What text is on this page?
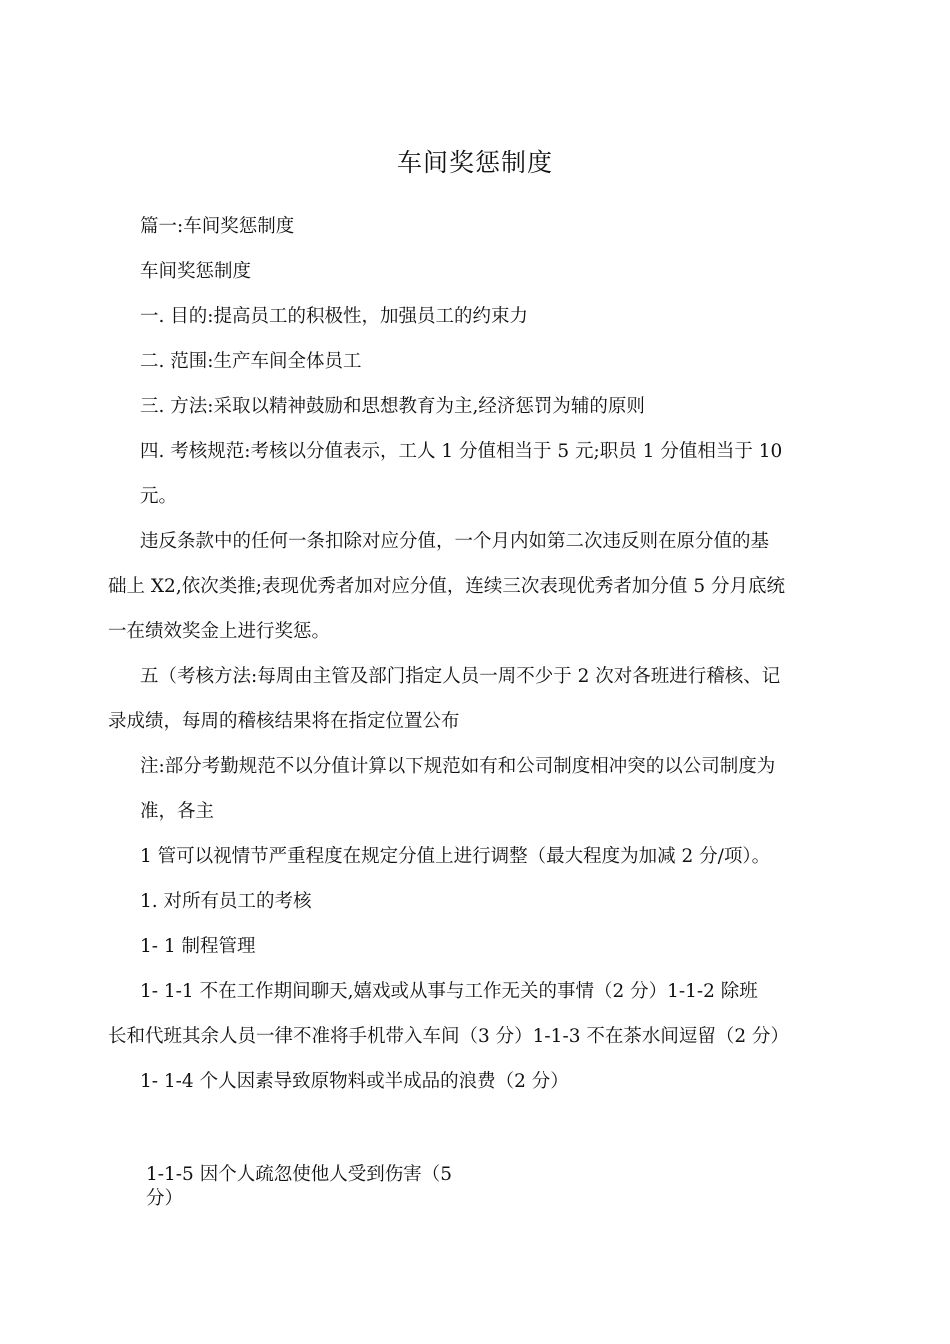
车间奖惩制度
篇一:车间奖惩制度
车间奖惩制度
一. 目的:提高员工的积极性，加强员工的约束力
二. 范围:生产车间全体员工
三. 方法:采取以精神鼓励和思想教育为主,经济惩罚为辅的原则
四. 考核规范:考核以分值表示，工人 1 分值相当于 5 元;职员 1 分值相当于 10
元。
违反条款中的任何一条扣除对应分值，一个月内如第二次违反则在原分值的基
础上 X2,依次类推;表现优秀者加对应分值，连续三次表现优秀者加分值 5 分月底统
一在绩效奖金上进行奖惩。
五（考核方法:每周由主管及部门指定人员一周不少于 2 次对各班进行稽核、记
录成绩，每周的稽核结果将在指定位置公布
注:部分考勤规范不以分值计算以下规范如有和公司制度相冲突的以公司制度为
准，各主
1 管可以视情节严重程度在规定分值上进行调整（最大程度为加减 2 分/项）。
1. 对所有员工的考核
1- 1 制程管理
1- 1-1 不在工作期间聊天,嬉戏或从事与工作无关的事情（2 分）1-1-2 除班
长和代班其余人员一律不准将手机带入车间（3 分）1-1-3 不在茶水间逗留（2 分）
1- 1-4 个人因素导致原物料或半成品的浪费（2 分）
1-1-5 因个人疏忽使他人受到伤害（5
分）
